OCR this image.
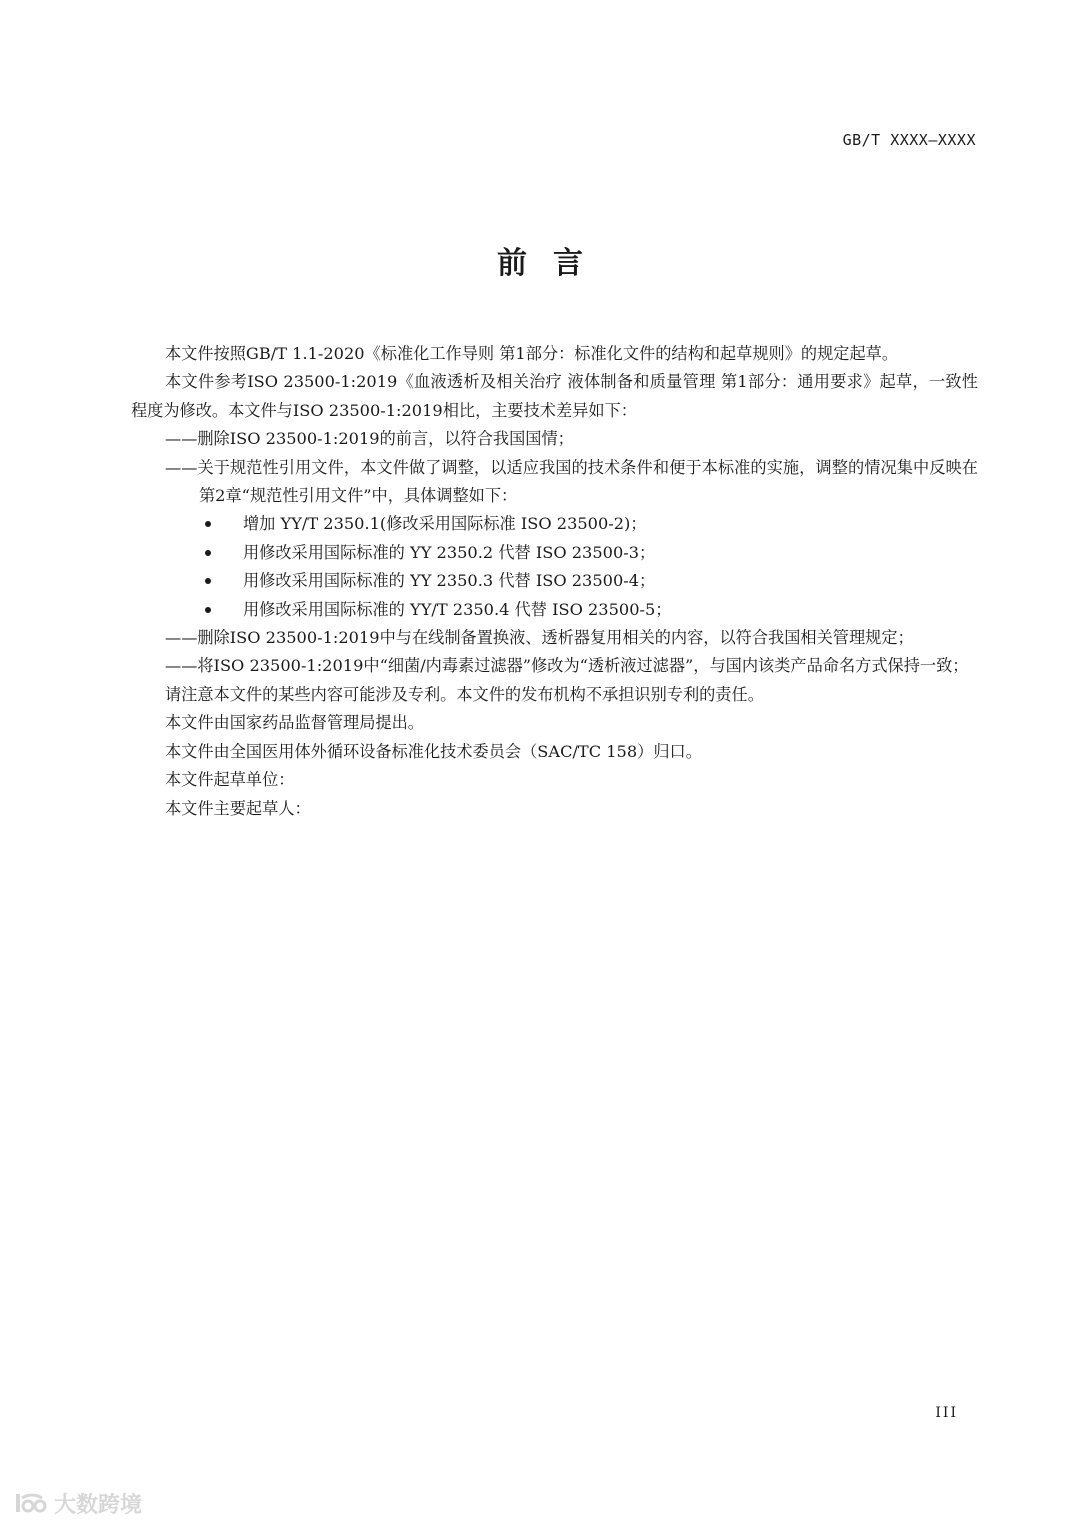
GB/T XXXX—XXXX
前言

本文件按照GB/T 1.1-2020《标准化工作导则 第1部分：标准化文件的结构和起草规则》的规定起草。

本文件参考ISO 23500-1:2019《血液透析及相关治疗 液体制备和质量管理 第1部分：通用要求》起草，一致性程度为修改。本文件与ISO 23500-1:2019相比，主要技术差异如下：

——删除ISO 23500-1:2019的前言，以符合我国国情；

——关于规范性引用文件，本文件做了调整，以适应我国的技术条件和便于本标准的实施，调整的情况集中反映在第2章“规范性引用文件”中，具体调整如下：

增加 YY/T 2350.1(修改采用国际标准 ISO 23500-2)；
用修改采用国际标准的 YY 2350.2 代替 ISO 23500-3；
用修改采用国际标准的 YY 2350.3 代替 ISO 23500-4；
用修改采用国际标准的 YY/T 2350.4 代替 ISO 23500-5；

——删除ISO 23500-1:2019中与在线制备置换液、透析器复用相关的内容，以符合我国相关管理规定；

——将ISO 23500-1:2019中“细菌/内毒素过滤器”修改为“透析液过滤器”，与国内该类产品命名方式保持一致；

请注意本文件的某些内容可能涉及专利。本文件的发布机构不承担识别专利的责任。

本文件由国家药品监督管理局提出。

本文件由全国医用体外循环设备标准化技术委员会（SAC/TC 158）归口。

本文件起草单位：

本文件主要起草人：

III
大数跨境
